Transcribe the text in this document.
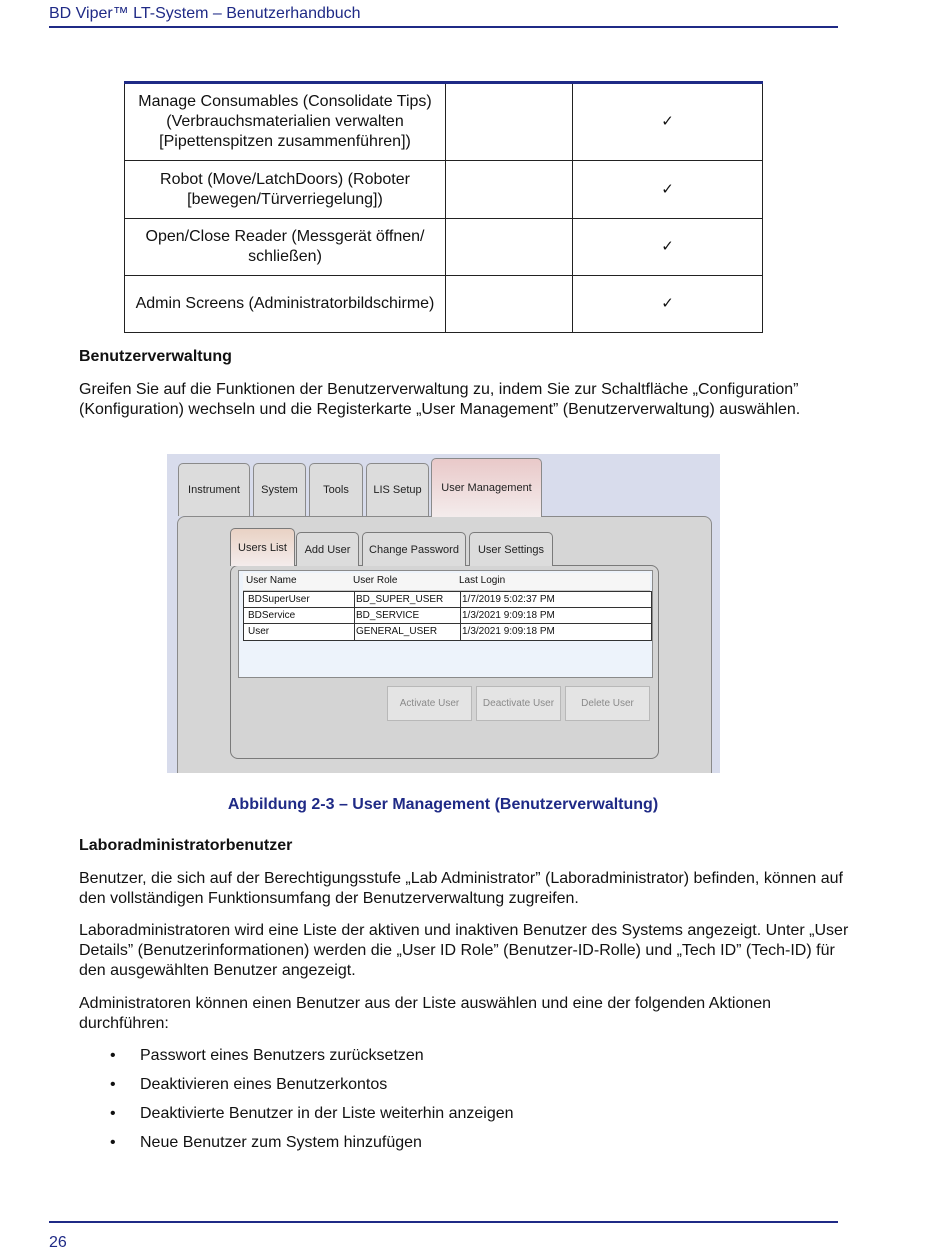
BD Viper™ LT-System – Benutzerhandbuch
Manage Consumables (Consolidate Tips) (Verbrauchsmaterialien verwalten [Pipettenspitzen zusammenführen])		✓
Robot (Move/LatchDoors) (Roboter [bewegen/Türverriegelung])		✓
Open/Close Reader (Messgerät öffnen/ schließen)		✓
Admin Screens (Administratorbildschirme)		✓
Benutzerverwaltung
Greifen Sie auf die Funktionen der Benutzerverwaltung zu, indem Sie zur Schaltfläche „Configuration” (Konfiguration) wechseln und die Registerkarte „User Management” (Benutzerverwaltung) auswählen.
Instrument	System	Tools	LIS Setup	User Management
Users List	Add User	Change Password	User Settings
User Name	User Role	Last Login
BDSuperUser	BD_SUPER_USER 1/7/2019 5:02:37 PM
BDService	BD_SERVICE	1/3/2021 9:09:18 PM
User	GENERAL_USER 1/3/2021 9:09:18 PM
Activate User	Deactivate User	Delete User
Abbildung 2-3 – User Management (Benutzerverwaltung)
Laboradministratorbenutzer
Benutzer, die sich auf der Berechtigungsstufe „Lab Administrator” (Laboradministrator) befinden, können auf den vollständigen Funktionsumfang der Benutzerverwaltung zugreifen.
Laboradministratoren wird eine Liste der aktiven und inaktiven Benutzer des Systems angezeigt. Unter „User Details” (Benutzerinformationen) werden die „User ID Role” (Benutzer-ID-Rolle) und „Tech ID” (Tech-ID) für den ausgewählten Benutzer angezeigt.
Administratoren können einen Benutzer aus der Liste auswählen und eine der folgenden Aktionen durchführen:
• Passwort eines Benutzers zurücksetzen
• Deaktivieren eines Benutzerkontos
• Deaktivierte Benutzer in der Liste weiterhin anzeigen
• Neue Benutzer zum System hinzufügen
26
